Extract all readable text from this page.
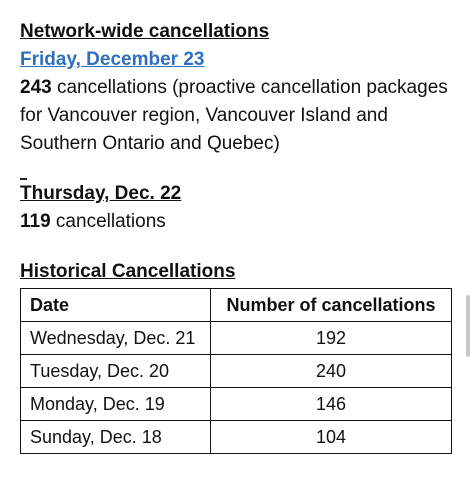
Network-wide cancellations

Friday, December 23

243 cancellations (proactive cancellation packages for Vancouver region, Vancouver Island and Southern Ontario and Quebec)

Thursday, Dec. 22

119 cancellations

Historical Cancellations

Date	Number of cancellations
Wednesday, Dec. 21	192
Tuesday, Dec. 20	240
Monday, Dec. 19	146
Sunday, Dec. 18	104
